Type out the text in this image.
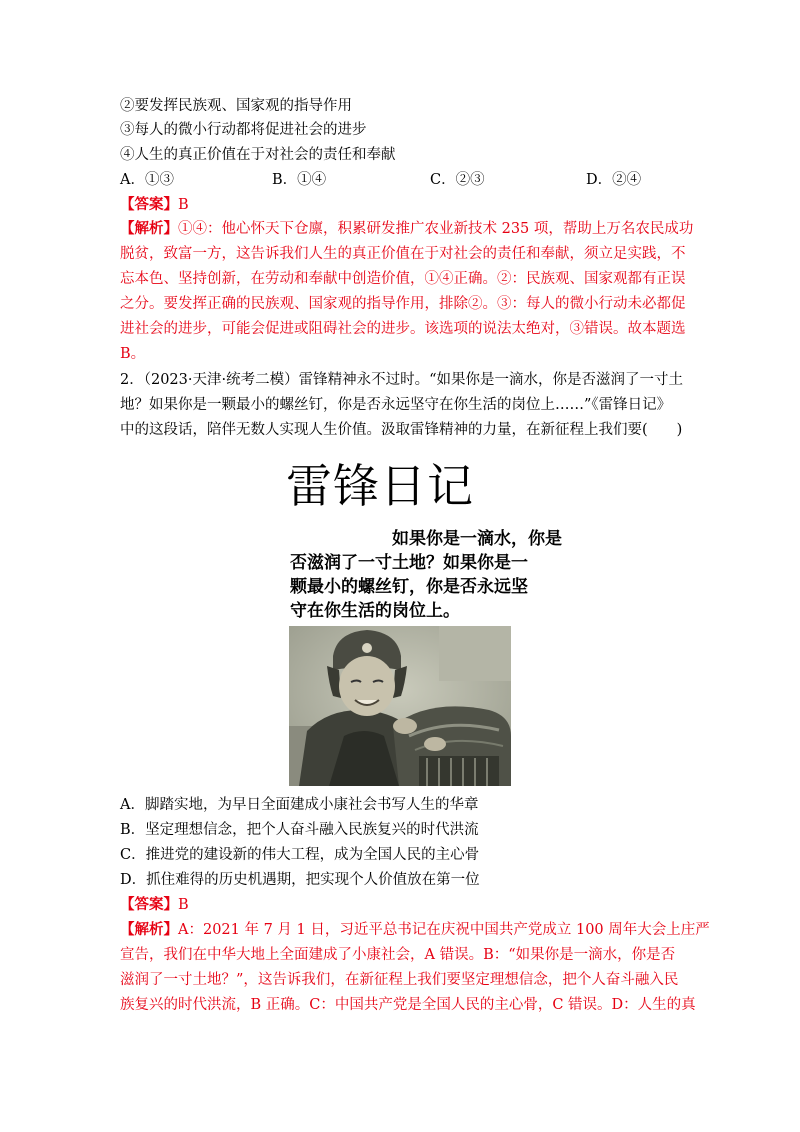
②要发挥民族观、国家观的指导作用
③每人的微小行动都将促进社会的进步
④人生的真正价值在于对社会的责任和奉献
A．①③	B．①④	C．②③	D．②④
【答案】B
【解析】①④：他心怀天下仓廪，积累研发推广农业新技术 235 项，帮助上万名农民成功
脱贫，致富一方，这告诉我们人生的真正价值在于对社会的责任和奉献，须立足实践，不
忘本色、坚持创新，在劳动和奉献中创造价值，①④正确。②：民族观、国家观都有正误
之分。要发挥正确的民族观、国家观的指导作用，排除②。③：每人的微小行动未必都促
进社会的进步，可能会促进或阻碍社会的进步。该选项的说法太绝对，③错误。故本题选
B。
2．（2023·天津·统考二模）雷锋精神永不过时。“如果你是一滴水，你是否滋润了一寸土
地？如果你是一颗最小的螺丝钉，你是否永远坚守在你生活的岗位上……”《雷锋日记》
中的这段话，陪伴无数人实现人生价值。汲取雷锋精神的力量，在新征程上我们要(　　)
雷锋日记
　　　　　　如果你是一滴水，你是
否滋润了一寸土地？如果你是一
颗最小的螺丝钉，你是否永远坚
守在你生活的岗位上。
A．脚踏实地，为早日全面建成小康社会书写人生的华章
B．坚定理想信念，把个人奋斗融入民族复兴的时代洪流
C．推进党的建设新的伟大工程，成为全国人民的主心骨
D．抓住难得的历史机遇期，把实现个人价值放在第一位
【答案】B
【解析】A：2021 年 7 月 1 日，习近平总书记在庆祝中国共产党成立 100 周年大会上庄严
宣告，我们在中华大地上全面建成了小康社会，A 错误。B：“如果你是一滴水，你是否
滋润了一寸土地？”，这告诉我们，在新征程上我们要坚定理想信念，把个人奋斗融入民
族复兴的时代洪流，B 正确。C：中国共产党是全国人民的主心骨，C 错误。D：人生的真
